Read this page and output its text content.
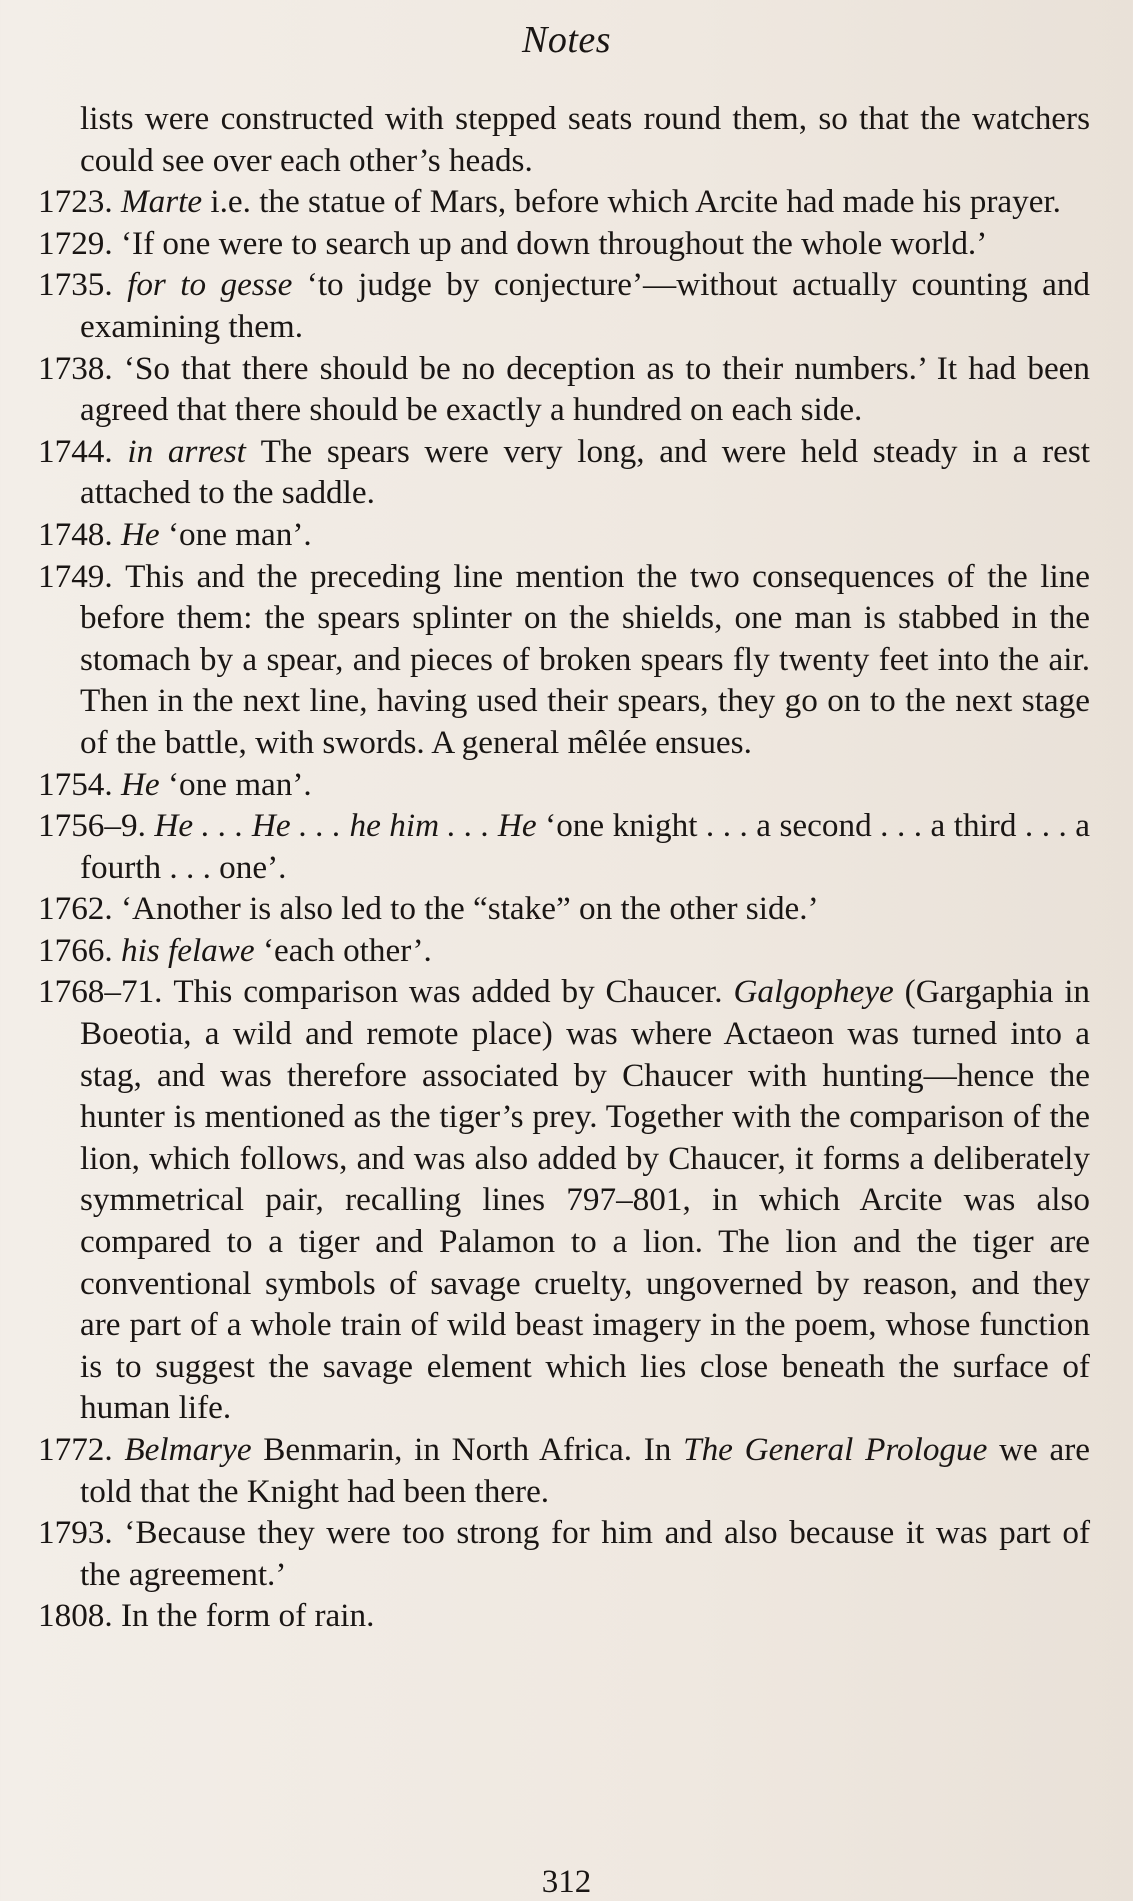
Notes
lists were constructed with stepped seats round them, so that the watchers could see over each other’s heads.
1723. Marte i.e. the statue of Mars, before which Arcite had made his prayer.
1729. ‘If one were to search up and down throughout the whole world.’
1735. for to gesse ‘to judge by conjecture’—without actually counting and examining them.
1738. ‘So that there should be no deception as to their numbers.’ It had been agreed that there should be exactly a hundred on each side.
1744. in arrest The spears were very long, and were held steady in a rest attached to the saddle.
1748. He ‘one man’.
1749. This and the preceding line mention the two consequences of the line before them: the spears splinter on the shields, one man is stabbed in the stomach by a spear, and pieces of broken spears fly twenty feet into the air. Then in the next line, having used their spears, they go on to the next stage of the battle, with swords. A general mêlée ensues.
1754. He ‘one man’.
1756–9. He . . . He . . . he him . . . He ‘one knight . . . a second . . . a third . . . a fourth . . . one’.
1762. ‘Another is also led to the “stake” on the other side.’
1766. his felawe ‘each other’.
1768–71. This comparison was added by Chaucer. Galgopheye (Gargaphia in Boeotia, a wild and remote place) was where Actaeon was turned into a stag, and was therefore associated by Chaucer with hunting—hence the hunter is mentioned as the tiger’s prey. Together with the comparison of the lion, which follows, and was also added by Chaucer, it forms a deliberately symmetrical pair, recalling lines 797–801, in which Arcite was also compared to a tiger and Palamon to a lion. The lion and the tiger are conventional symbols of savage cruelty, ungoverned by reason, and they are part of a whole train of wild beast imagery in the poem, whose function is to suggest the savage element which lies close beneath the surface of human life.
1772. Belmarye Benmarin, in North Africa. In The General Prologue we are told that the Knight had been there.
1793. ‘Because they were too strong for him and also because it was part of the agreement.’
1808. In the form of rain.
312
